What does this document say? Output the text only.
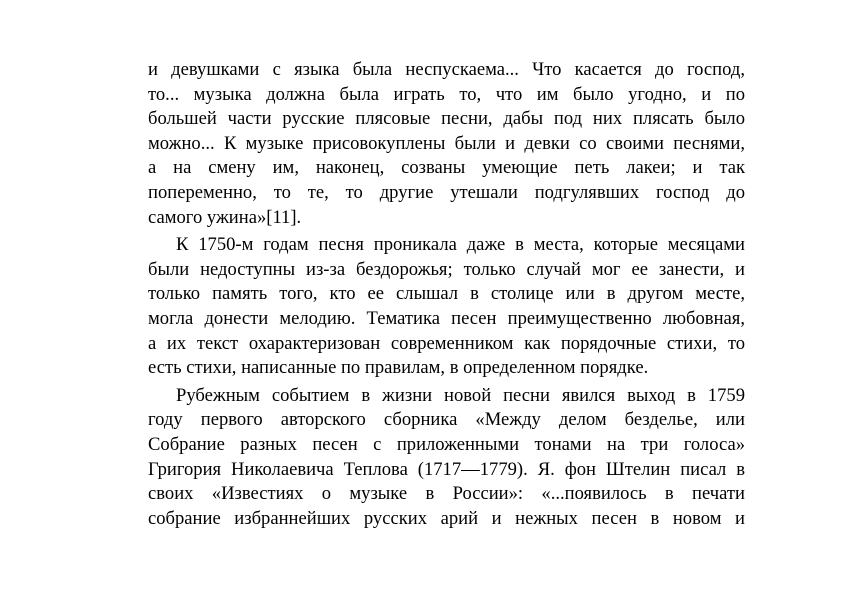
и девушками с языка была неспускаема... Что касается до господ,
то... музыка должна была играть то, что им было угодно, и по
большей части русские плясовые песни, дабы под них плясать было
можно... К музыке присовокуплены были и девки со своими песнями,
а на смену им, наконец, созваны умеющие петь лакеи; и так
попеременно, то те, то другие утешали подгулявших господ до
самого ужина»[11].
К 1750-м годам песня проникала даже в места, которые месяцами
были недоступны из-за бездорожья; только случай мог ее занести, и
только память того, кто ее слышал в столице или в другом месте,
могла донести мелодию. Тематика песен преимущественно любовная,
а их текст охарактеризован современником как порядочные стихи, то
есть стихи, написанные по правилам, в определенном порядке.
Рубежным событием в жизни новой песни явился выход в 1759
году первого авторского сборника «Между делом безделье, или
Собрание разных песен с приложенными тонами на три голоса»
Григория Николаевича Теплова (1717—1779). Я. фон Штелин писал в
своих «Известиях о музыке в России»: «...появилось в печати
собрание избраннейших русских арий и нежных песен в новом и
